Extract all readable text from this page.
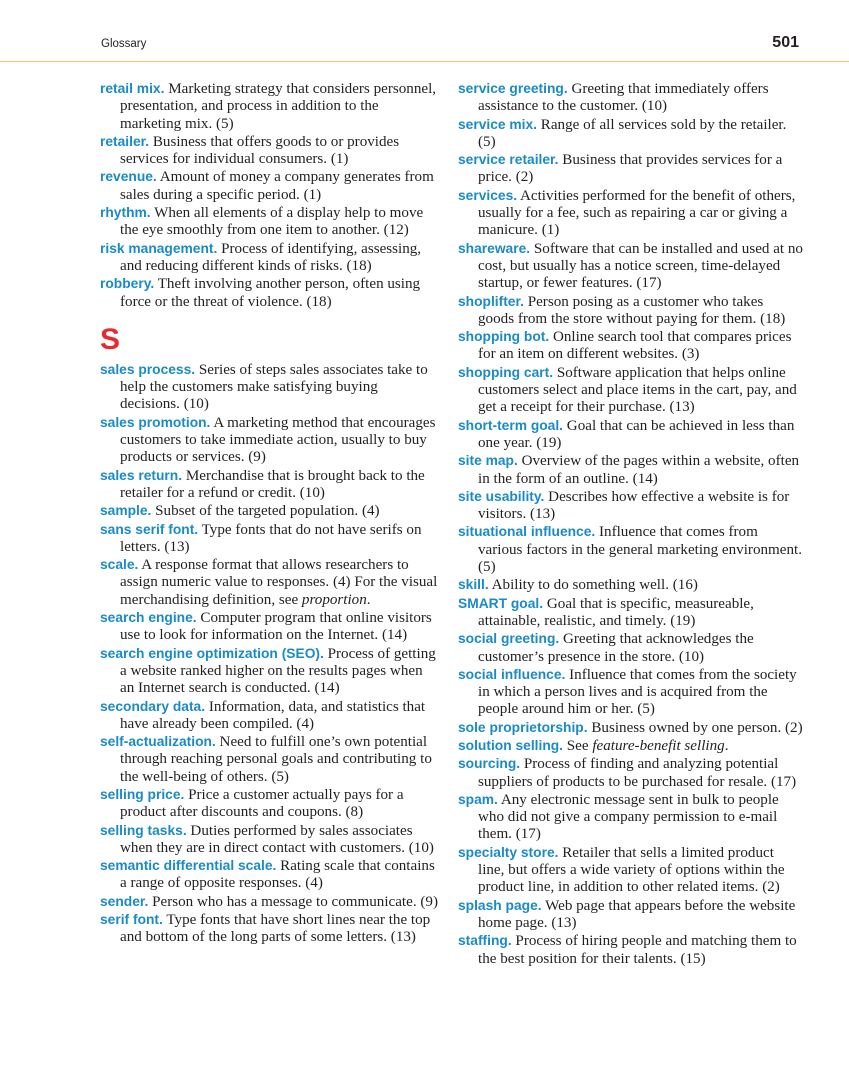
Glossary	501

retail mix. Marketing strategy that considers personnel, presentation, and process in addition to the marketing mix. (5)

retailer. Business that offers goods to or provides services for individual consumers. (1)

revenue. Amount of money a company generates from sales during a specific period. (1)

rhythm. When all elements of a display help to move the eye smoothly from one item to another. (12)

risk management. Process of identifying, assessing, and reducing different kinds of risks. (18)

robbery. Theft involving another person, often using force or the threat of violence. (18)

S

sales process. Series of steps sales associates take to help the customers make satisfying buying decisions. (10)

sales promotion. A marketing method that encourages customers to take immediate action, usually to buy products or services. (9)

sales return. Merchandise that is brought back to the retailer for a refund or credit. (10)

sample. Subset of the targeted population. (4)

sans serif font. Type fonts that do not have serifs on letters. (13)

scale. A response format that allows researchers to assign numeric value to responses. (4) For the visual merchandising definition, see proportion.

search engine. Computer program that online visitors use to look for information on the Internet. (14)

search engine optimization (SEO). Process of getting a website ranked higher on the results pages when an Internet search is conducted. (14)

secondary data. Information, data, and statistics that have already been compiled. (4)

self-actualization. Need to fulfill one’s own potential through reaching personal goals and contributing to the well-being of others. (5)

selling price. Price a customer actually pays for a product after discounts and coupons. (8)

selling tasks. Duties performed by sales associates when they are in direct contact with customers. (10)

semantic differential scale. Rating scale that contains a range of opposite responses. (4)

sender. Person who has a message to communicate. (9)

serif font. Type fonts that have short lines near the top and bottom of the long parts of some letters. (13)

service greeting. Greeting that immediately offers assistance to the customer. (10)

service mix. Range of all services sold by the retailer. (5)

service retailer. Business that provides services for a price. (2)

services. Activities performed for the benefit of others, usually for a fee, such as repairing a car or giving a manicure. (1)

shareware. Software that can be installed and used at no cost, but usually has a notice screen, time-delayed startup, or fewer features. (17)

shoplifter. Person posing as a customer who takes goods from the store without paying for them. (18)

shopping bot. Online search tool that compares prices for an item on different websites. (3)

shopping cart. Software application that helps online customers select and place items in the cart, pay, and get a receipt for their purchase. (13)

short-term goal. Goal that can be achieved in less than one year. (19)

site map. Overview of the pages within a website, often in the form of an outline. (14)

site usability. Describes how effective a website is for visitors. (13)

situational influence. Influence that comes from various factors in the general marketing environment. (5)

skill. Ability to do something well. (16)

SMART goal. Goal that is specific, measureable, attainable, realistic, and timely. (19)

social greeting. Greeting that acknowledges the customer’s presence in the store. (10)

social influence. Influence that comes from the society in which a person lives and is acquired from the people around him or her. (5)

sole proprietorship. Business owned by one person. (2)

solution selling. See feature-benefit selling.

sourcing. Process of finding and analyzing potential suppliers of products to be purchased for resale. (17)

spam. Any electronic message sent in bulk to people who did not give a company permission to e-mail them. (17)

specialty store. Retailer that sells a limited product line, but offers a wide variety of options within the product line, in addition to other related items. (2)

splash page. Web page that appears before the website home page. (13)

staffing. Process of hiring people and matching them to the best position for their talents. (15)
